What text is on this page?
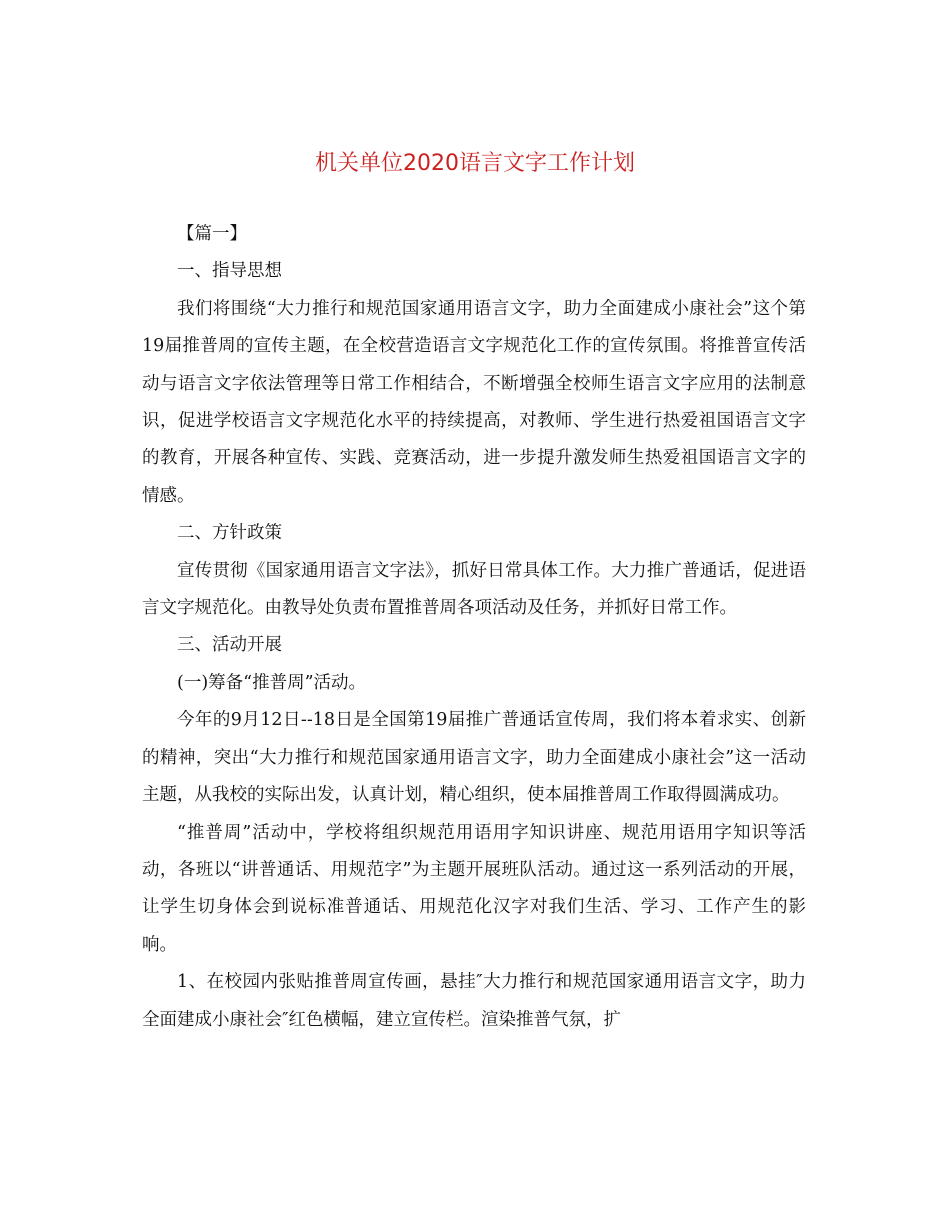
机关单位2020语言文字工作计划

【篇一】

一、指导思想

我们将围绕“大力推行和规范国家通用语言文字，助力全面建成小康社会”这个第19届推普周的宣传主题，在全校营造语言文字规范化工作的宣传氛围。将推普宣传活动与语言文字依法管理等日常工作相结合，不断增强全校师生语言文字应用的法制意识，促进学校语言文字规范化水平的持续提高，对教师、学生进行热爱祖国语言文字的教育，开展各种宣传、实践、竞赛活动，进一步提升激发师生热爱祖国语言文字的情感。

二、方针政策

宣传贯彻《国家通用语言文字法》，抓好日常具体工作。大力推广普通话，促进语言文字规范化。由教导处负责布置推普周各项活动及任务，并抓好日常工作。

三、活动开展

(一)筹备“推普周”活动。

今年的9月12日--18日是全国第19届推广普通话宣传周，我们将本着求实、创新的精神，突出“大力推行和规范国家通用语言文字，助力全面建成小康社会”这一活动主题，从我校的实际出发，认真计划，精心组织，使本届推普周工作取得圆满成功。

“推普周”活动中，学校将组织规范用语用字知识讲座、规范用语用字知识等活动，各班以“讲普通话、用规范字”为主题开展班队活动。通过这一系列活动的开展，让学生切身体会到说标准普通话、用规范化汉字对我们生活、学习、工作产生的影响。

1、在校园内张贴推普周宣传画，悬挂″大力推行和规范国家通用语言文字，助力全面建成小康社会″红色横幅，建立宣传栏。渲染推普气氛，扩
